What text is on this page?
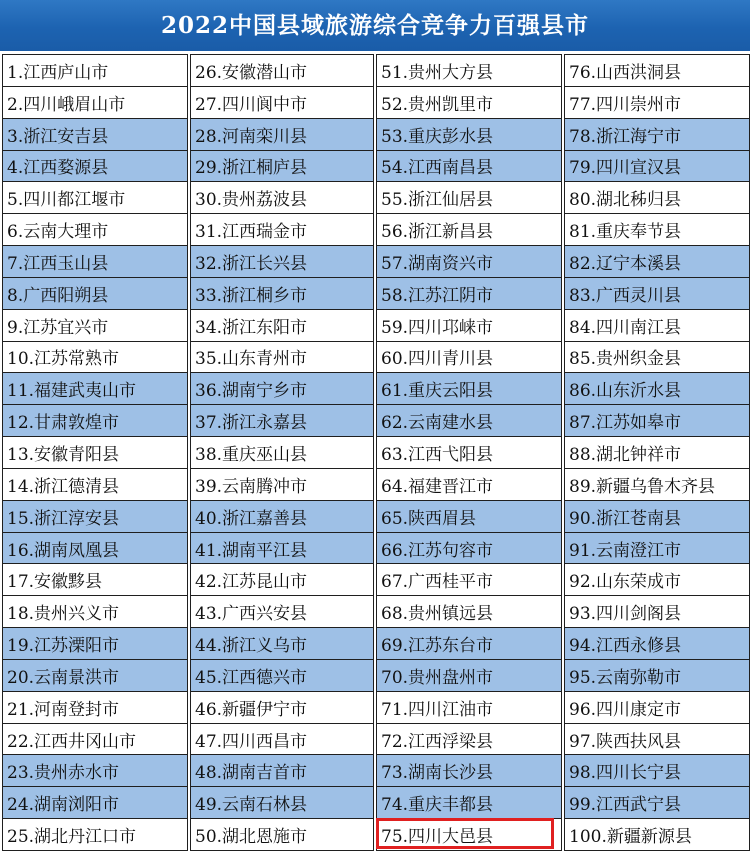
2022中国县域旅游综合竞争力百强县市
1.江西庐山市
2.四川峨眉山市
3.浙江安吉县
4.江西婺源县
5.四川都江堰市
6.云南大理市
7.江西玉山县
8.广西阳朔县
9.江苏宜兴市
10.江苏常熟市
11.福建武夷山市
12.甘肃敦煌市
13.安徽青阳县
14.浙江德清县
15.浙江淳安县
16.湖南凤凰县
17.安徽黟县
18.贵州兴义市
19.江苏溧阳市
20.云南景洪市
21.河南登封市
22.江西井冈山市
23.贵州赤水市
24.湖南浏阳市
25.湖北丹江口市
26.安徽潜山市
27.四川阆中市
28.河南栾川县
29.浙江桐庐县
30.贵州荔波县
31.江西瑞金市
32.浙江长兴县
33.浙江桐乡市
34.浙江东阳市
35.山东青州市
36.湖南宁乡市
37.浙江永嘉县
38.重庆巫山县
39.云南腾冲市
40.浙江嘉善县
41.湖南平江县
42.江苏昆山市
43.广西兴安县
44.浙江义乌市
45.江西德兴市
46.新疆伊宁市
47.四川西昌市
48.湖南吉首市
49.云南石林县
50.湖北恩施市
51.贵州大方县
52.贵州凯里市
53.重庆彭水县
54.江西南昌县
55.浙江仙居县
56.浙江新昌县
57.湖南资兴市
58.江苏江阴市
59.四川邛崃市
60.四川青川县
61.重庆云阳县
62.云南建水县
63.江西弋阳县
64.福建晋江市
65.陕西眉县
66.江苏句容市
67.广西桂平市
68.贵州镇远县
69.江苏东台市
70.贵州盘州市
71.四川江油市
72.江西浮梁县
73.湖南长沙县
74.重庆丰都县
75.四川大邑县
76.山西洪洞县
77.四川崇州市
78.浙江海宁市
79.四川宣汉县
80.湖北秭归县
81.重庆奉节县
82.辽宁本溪县
83.广西灵川县
84.四川南江县
85.贵州织金县
86.山东沂水县
87.江苏如皋市
88.湖北钟祥市
89.新疆乌鲁木齐县
90.浙江苍南县
91.云南澄江市
92.山东荣成市
93.四川剑阁县
94.江西永修县
95.云南弥勒市
96.四川康定市
97.陕西扶风县
98.四川长宁县
99.江西武宁县
100.新疆新源县
